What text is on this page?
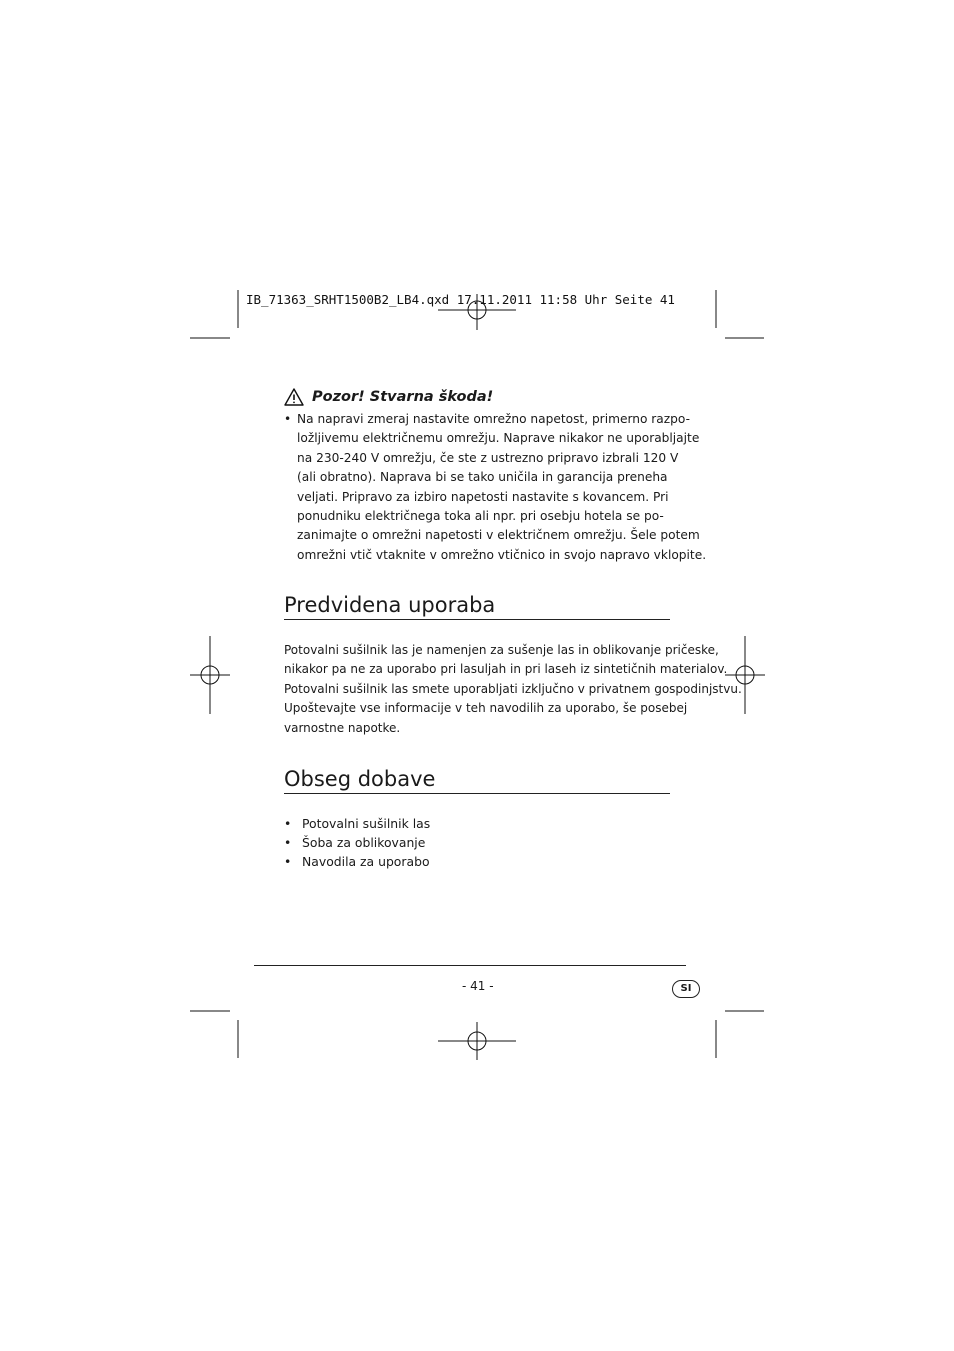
IB_71363_SRHT1500B2_LB4.qxd 17.11.2011 11:58 Uhr Seite 41
Pozor! Stvarna škoda!
• Na napravi zmeraj nastavite omrežno napetost, primerno razpo-
ložljivemu električnemu omrežju. Naprave nikakor ne uporabljajte
na 230-240 V omrežju, če ste z ustrezno pripravo izbrali 120 V
(ali obratno). Naprava bi se tako uničila in garancija preneha
veljati. Pripravo za izbiro napetosti nastavite s kovancem. Pri
ponudniku električnega toka ali npr. pri osebju hotela se po-
zanimajte o omrežni napetosti v električnem omrežju. Šele potem
omrežni vtič vtaknite v omrežno vtičnico in svojo napravo vklopite.
Predvidena uporaba
Potovalni sušilnik las je namenjen za sušenje las in oblikovanje pričeske,
nikakor pa ne za uporabo pri lasuljah in pri laseh iz sintetičnih materialov.
Potovalni sušilnik las smete uporabljati izključno v privatnem gospodinjstvu.
Upoštevajte vse informacije v teh navodilih za uporabo, še posebej
varnostne napotke.
Obseg dobave
• Potovalni sušilnik las
• Šoba za oblikovanje
• Navodila za uporabo
- 41 -	SI
